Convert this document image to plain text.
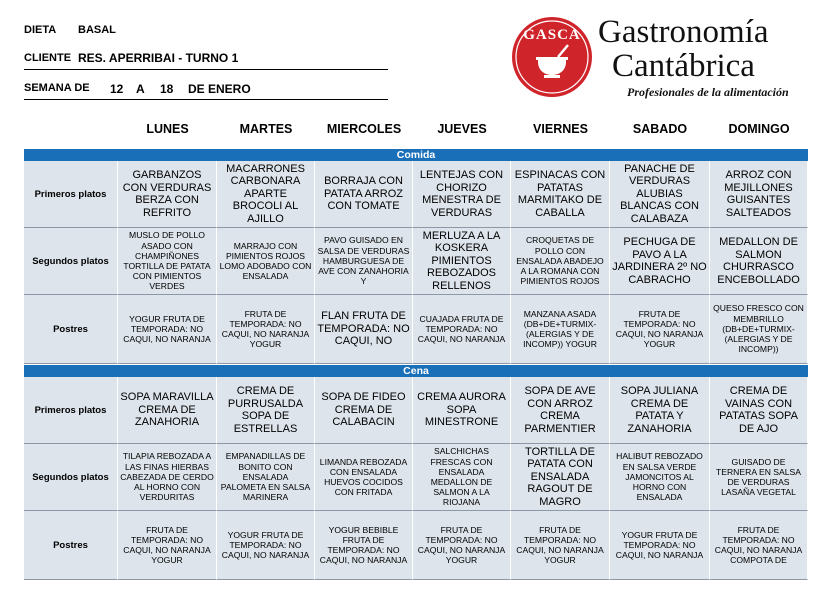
DIETA BASAL
CLIENTE RES. APERRIBAI - TURNO 1
SEMANA DE 12 A 18 DE ENERO
GASCA Gastronomía
Cantábrica
Profesionales de la alimentación
LUNES	MARTES	MIERCOLES	JUEVES	VIERNES	SABADO	DOMINGO
Comida
Primeros platos
GARBANZOS CON VERDURAS BERZA CON REFRITO
MACARRONES CARBONARA APARTE BROCOLI AL AJILLO
BORRAJA CON PATATA ARROZ CON TOMATE
LENTEJAS CON CHORIZO MENESTRA DE VERDURAS
ESPINACAS CON PATATAS MARMITAKO DE CABALLA
PANACHE DE VERDURAS ALUBIAS BLANCAS CON CALABAZA
ARROZ CON MEJILLONES GUISANTES SALTEADOS
Segundos platos
MUSLO DE POLLO ASADO CON CHAMPIÑONES TORTILLA DE PATATA CON PIMIENTOS VERDES
MARRAJO CON PIMIENTOS ROJOS LOMO ADOBADO CON ENSALADA
PAVO GUISADO EN SALSA DE VERDURAS HAMBURGUESA DE AVE CON ZANAHORIA Y
MERLUZA A LA KOSKERA PIMIENTOS REBOZADOS RELLENOS
CROQUETAS DE POLLO CON ENSALADA ABADEJO A LA ROMANA CON PIMIENTOS ROJOS
PECHUGA DE PAVO A LA JARDINERA 2º NO CABRACHO
MEDALLON DE SALMON CHURRASCO ENCEBOLLADO
Postres
YOGUR FRUTA DE TEMPORADA: NO CAQUI, NO NARANJA
FRUTA DE TEMPORADA: NO CAQUI, NO NARANJA YOGUR
FLAN FRUTA DE TEMPORADA: NO CAQUI, NO
CUAJADA FRUTA DE TEMPORADA: NO CAQUI, NO NARANJA
MANZANA ASADA (DB+DE+TURMIX-(ALERGIAS Y DE INCOMP)) YOGUR
FRUTA DE TEMPORADA: NO CAQUI, NO NARANJA YOGUR
QUESO FRESCO CON MEMBRILLO (DB+DE+TURMIX-(ALERGIAS Y DE INCOMP))
Cena
Primeros platos
SOPA MARAVILLA CREMA DE ZANAHORIA
CREMA DE PURRUSALDA SOPA DE ESTRELLAS
SOPA DE FIDEO CREMA DE CALABACIN
CREMA AURORA SOPA MINESTRONE
SOPA DE AVE CON ARROZ CREMA PARMENTIER
SOPA JULIANA CREMA DE PATATA Y ZANAHORIA
CREMA DE VAINAS CON PATATAS SOPA DE AJO
Segundos platos
TILAPIA REBOZADA A LAS FINAS HIERBAS CABEZADA DE CERDO AL HORNO CON VERDURITAS
EMPANADILLAS DE BONITO CON ENSALADA PALOMETA EN SALSA MARINERA
LIMANDA REBOZADA CON ENSALADA HUEVOS COCIDOS CON FRITADA
SALCHICHAS FRESCAS CON ENSALADA MEDALLON DE SALMON A LA RIOJANA
TORTILLA DE PATATA CON ENSALADA RAGOUT DE MAGRO
HALIBUT REBOZADO EN SALSA VERDE JAMONCITOS AL HORNO CON ENSALADA
GUISADO DE TERNERA EN SALSA DE VERDURAS LASAÑA VEGETAL
Postres
FRUTA DE TEMPORADA: NO CAQUI, NO NARANJA YOGUR
YOGUR FRUTA DE TEMPORADA: NO CAQUI, NO NARANJA
YOGUR BEBIBLE FRUTA DE TEMPORADA: NO CAQUI, NO NARANJA
FRUTA DE TEMPORADA: NO CAQUI, NO NARANJA YOGUR
FRUTA DE TEMPORADA: NO CAQUI, NO NARANJA YOGUR
YOGUR FRUTA DE TEMPORADA: NO CAQUI, NO NARANJA
FRUTA DE TEMPORADA: NO CAQUI, NO NARANJA COMPOTA DE
